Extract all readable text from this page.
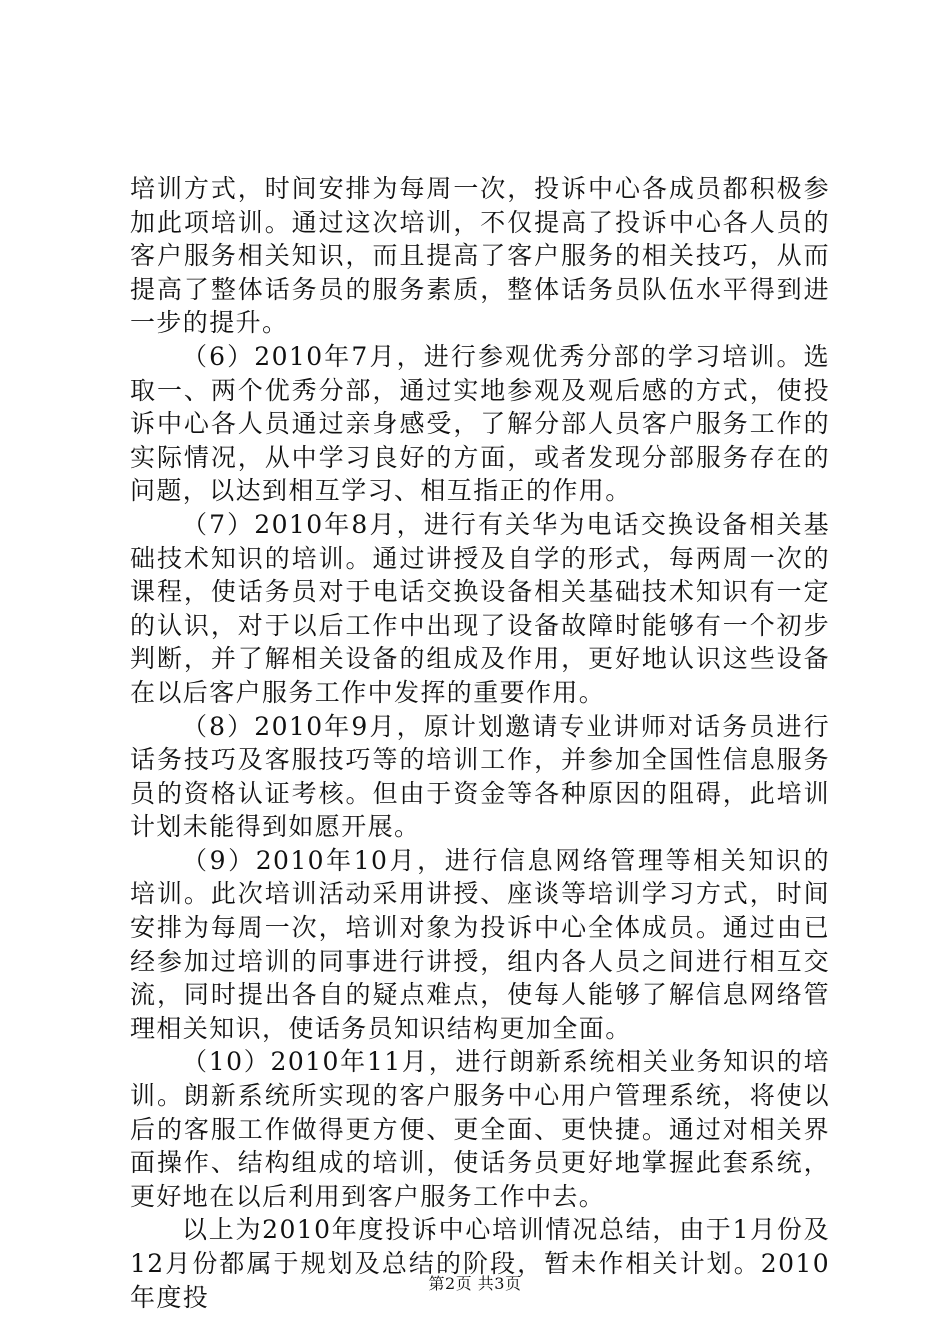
培训方式，时间安排为每周一次，投诉中心各成员都积极参加此项培训。通过这次培训，不仅提高了投诉中心各人员的客户服务相关知识，而且提高了客户服务的相关技巧，从而提高了整体话务员的服务素质，整体话务员队伍水平得到进一步的提升。

（6）2010年7月，进行参观优秀分部的学习培训。选取一、两个优秀分部，通过实地参观及观后感的方式，使投诉中心各人员通过亲身感受，了解分部人员客户服务工作的实际情况，从中学习良好的方面，或者发现分部服务存在的问题，以达到相互学习、相互指正的作用。

（7）2010年8月，进行有关华为电话交换设备相关基础技术知识的培训。通过讲授及自学的形式，每两周一次的课程，使话务员对于电话交换设备相关基础技术知识有一定的认识，对于以后工作中出现了设备故障时能够有一个初步判断，并了解相关设备的组成及作用，更好地认识这些设备在以后客户服务工作中发挥的重要作用。

（8）2010年9月，原计划邀请专业讲师对话务员进行话务技巧及客服技巧等的培训工作，并参加全国性信息服务员的资格认证考核。但由于资金等各种原因的阻碍，此培训计划未能得到如愿开展。

（9）2010年10月，进行信息网络管理等相关知识的培训。此次培训活动采用讲授、座谈等培训学习方式，时间安排为每周一次，培训对象为投诉中心全体成员。通过由已经参加过培训的同事进行讲授，组内各人员之间进行相互交流，同时提出各自的疑点难点，使每人能够了解信息网络管理相关知识，使话务员知识结构更加全面。

（10）2010年11月，进行朗新系统相关业务知识的培训。朗新系统所实现的客户服务中心用户管理系统，将使以后的客服工作做得更方便、更全面、更快捷。通过对相关界面操作、结构组成的培训，使话务员更好地掌握此套系统，更好地在以后利用到客户服务工作中去。

以上为2010年度投诉中心培训情况总结，由于1月份及12月份都属于规划及总结的阶段，暂未作相关计划。2010年度投	第2页 共3页
